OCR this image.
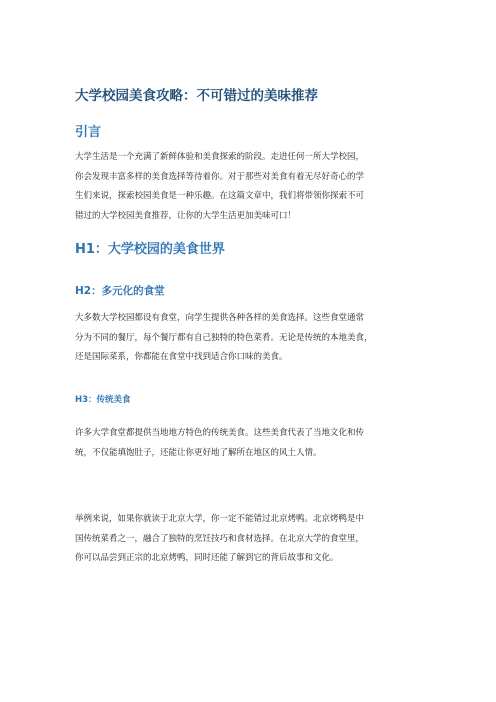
大学校园美食攻略：不可错过的美味推荐
引言

大学生活是一个充满了新鲜体验和美食探索的阶段。走进任何一所大学校园，
你会发现丰富多样的美食选择等待着你。对于那些对美食有着无尽好奇心的学
生们来说，探索校园美食是一种乐趣。在这篇文章中，我们将带领你探索不可
错过的大学校园美食推荐，让你的大学生活更加美味可口！

H1：大学校园的美食世界
H2：多元化的食堂

大多数大学校园都设有食堂，向学生提供各种各样的美食选择。这些食堂通常
分为不同的餐厅，每个餐厅都有自己独特的特色菜肴。无论是传统的本地美食，
还是国际菜系，你都能在食堂中找到适合你口味的美食。

H3：传统美食

许多大学食堂都提供当地地方特色的传统美食。这些美食代表了当地文化和传
统，不仅能填饱肚子，还能让你更好地了解所在地区的风土人情。

举例来说，如果你就读于北京大学，你一定不能错过北京烤鸭。北京烤鸭是中
国传统菜肴之一，融合了独特的烹饪技巧和食材选择。在北京大学的食堂里，
你可以品尝到正宗的北京烤鸭，同时还能了解到它的背后故事和文化。
